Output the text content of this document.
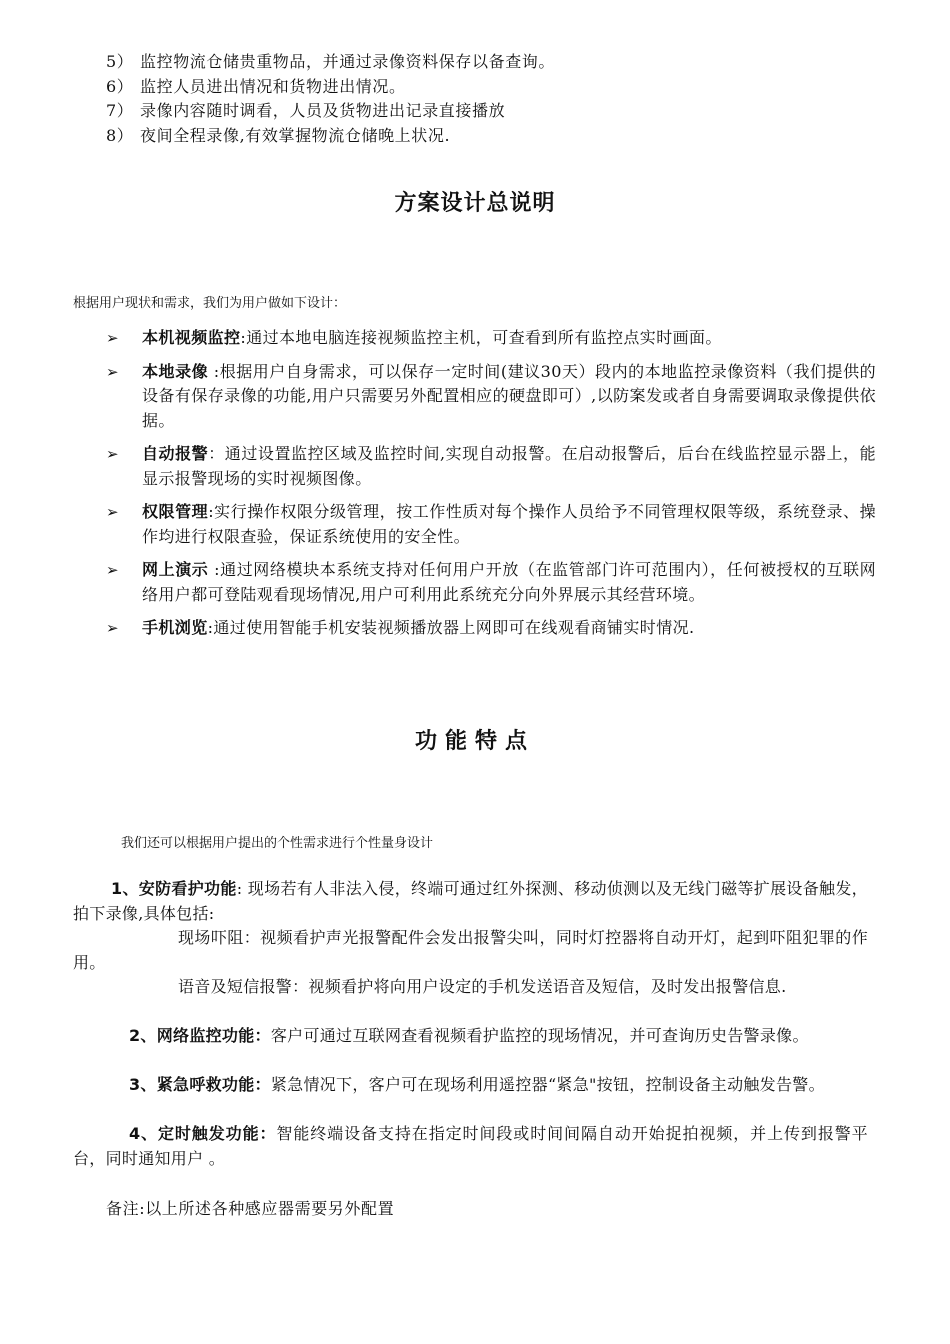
5） 监控物流仓储贵重物品，并通过录像资料保存以备查询。
6） 监控人员进出情况和货物进出情况。
7） 录像内容随时调看，人员及货物进出记录直接播放
8） 夜间全程录像,有效掌握物流仓储晚上状况.
方案设计总说明
根据用户现状和需求，我们为用户做如下设计：
➢ 本机视频监控:通过本地电脑连接视频监控主机，可查看到所有监控点实时画面。
➢ 本地录像 :根据用户自身需求，可以保存一定时间(建议30天）段内的本地监控录像资料（我们提供的设备有保存录像的功能,用户只需要另外配置相应的硬盘即可）,以防案发或者自身需要调取录像提供依据。
➢ 自动报警：通过设置监控区域及监控时间,实现自动报警。在启动报警后，后台在线监控显示器上，能显示报警现场的实时视频图像。
➢ 权限管理:实行操作权限分级管理，按工作性质对每个操作人员给予不同管理权限等级，系统登录、操作均进行权限查验，保证系统使用的安全性。
➢ 网上演示 :通过网络模块本系统支持对任何用户开放（在监管部门许可范围内），任何被授权的互联网络用户都可登陆观看现场情况,用户可利用此系统充分向外界展示其经营环境。
➢ 手机浏览:通过使用智能手机安装视频播放器上网即可在线观看商铺实时情况.
功能特点
我们还可以根据用户提出的个性需求进行个性量身设计
1、安防看护功能: 现场若有人非法入侵，终端可通过红外探测、移动侦测以及无线门磁等扩展设备触发，拍下录像,具体包括:
现场吓阻：视频看护声光报警配件会发出报警尖叫，同时灯控器将自动开灯，起到吓阻犯罪的作用。
语音及短信报警：视频看护将向用户设定的手机发送语音及短信，及时发出报警信息.
2、网络监控功能：客户可通过互联网查看视频看护监控的现场情况，并可查询历史告警录像。
3、紧急呼救功能：紧急情况下，客户可在现场利用遥控器“紧急"按钮，控制设备主动触发告警。
4、定时触发功能：智能终端设备支持在指定时间段或时间间隔自动开始捉拍视频，并上传到报警平台，同时通知用户 。
备注:以上所述各种感应器需要另外配置
